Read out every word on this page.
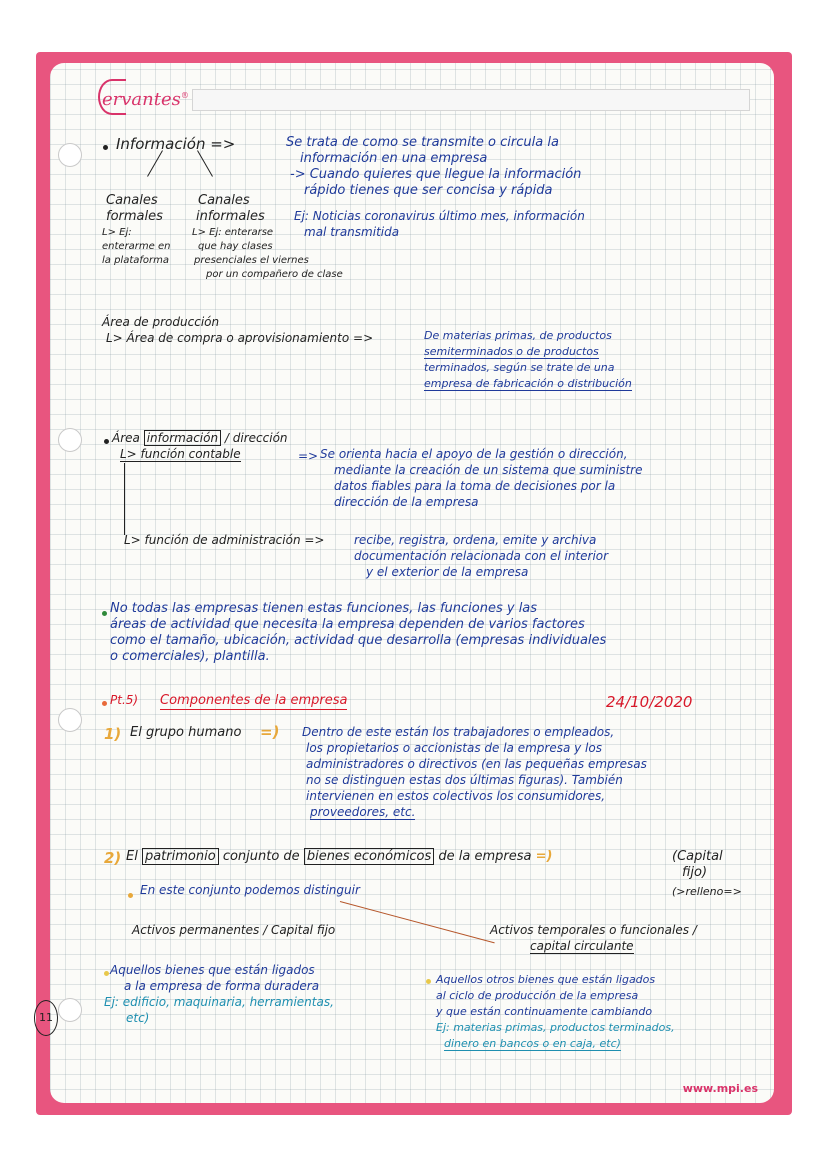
ervantes®
Información =>	Se trata de como se transmite o circula la
información en una empresa
-> Cuando quieres que llegue la información
rápido tienes que ser concisa y rápida
Canales
formales
L> Ej:
enterarme en
la plataforma
Canales
informales
L> Ej: enterarse
que hay clases
presenciales el viernes
por un compañero de clase
Ej: Noticias coronavirus último mes, información
mal transmitida
Área de producción
L> Área de compra o aprovisionamiento =>	De materias primas, de productos
semiterminados o de productos
terminados, según se trate de una
empresa de fabricación o distribución
Área información / dirección
L> función contable	=> Se orienta hacia el apoyo de la gestión o dirección,
mediante la creación de un sistema que suministre
datos fiables para la toma de decisiones por la
dirección de la empresa
L> función de administración => recibe, registra, ordena, emite y archiva
documentación relacionada con el interior
y el exterior de la empresa
No todas las empresas tienen estas funciones, las funciones y las
áreas de actividad que necesita la empresa dependen de varios factores
como el tamaño, ubicación, actividad que desarrolla (empresas individuales
o comerciales), plantilla.
Pt.5) Componentes de la empresa	24/10/2020
1) El grupo humano =) Dentro de este están los trabajadores o empleados,
los propietarios o accionistas de la empresa y los
administradores o directivos (en las pequeñas empresas
no se distinguen estas dos últimas figuras). También
intervienen en estos colectivos los consumidores,
proveedores, etc.
2) El patrimonio conjunto de bienes económicos de la empresa =)	(Capital
fijo)
(>relleno=>
En este conjunto podemos distinguir
Activos permanentes / Capital fijo	Activos temporales o funcionales /
capital circulante
Aquellos bienes que están ligados
a la empresa de forma duradera
Ej: edificio, maquinaria, herramientas,
etc)
Aquellos otros bienes que están ligados
al ciclo de producción de la empresa
y que están continuamente cambiando
Ej: materias primas, productos terminados,
dinero en bancos o en caja, etc)
www.mpi.es
11
